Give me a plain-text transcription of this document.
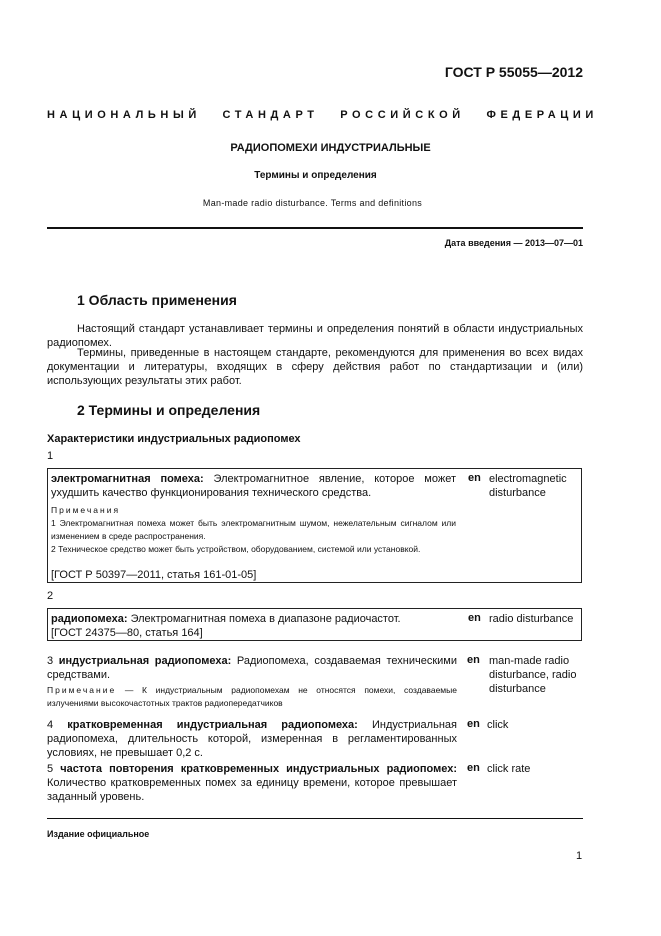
ГОСТ Р 55055—2012
НАЦИОНАЛЬНЫЙ СТАНДАРТ РОССИЙСКОЙ ФЕДЕРАЦИИ
РАДИОПОМЕХИ ИНДУСТРИАЛЬНЫЕ
Термины и определения
Man-made radio disturbance. Terms and definitions
Дата введения — 2013—07—01
1 Область применения
Настоящий стандарт устанавливает термины и определения понятий в области индустриальных радиопомех.
Термины, приведенные в настоящем стандарте, рекомендуются для применения во всех видах документации и литературы, входящих в сферу действия работ по стандартизации и (или) использующих результаты этих работ.
2 Термины и определения
Характеристики индустриальных радиопомех
1
электромагнитная помеха: Электромагнитное явление, которое может ухудшить качество функционирования технического средства.
en electromagnetic disturbance
Примечания
1 Электромагнитная помеха может быть электромагнитным шумом, нежелательным сигналом или изменением в среде распространения.
2 Техническое средство может быть устройством, оборудованием, системой или установкой.
[ГОСТ Р 50397—2011, статья 161-01-05]
2
радиопомеха: Электромагнитная помеха в диапазоне радиочастот.
[ГОСТ 24375—80, статья 164]
en radio disturbance
3 индустриальная радиопомеха: Радиопомеха, создаваемая техническими средствами.
Примечание — К индустриальным радиопомехам не относятся помехи, создаваемые излучениями высокочастотных трактов радиопередатчиков
en man-made radio disturbance, radio disturbance
4 кратковременная индустриальная радиопомеха: Индустриальная радиопомеха, длительность которой, измеренная в регламентированных условиях, не превышает 0,2 с.
en click
5 частота повторения кратковременных индустриальных радиопомех: Количество кратковременных помех за единицу времени, которое превышает заданный уровень.
en click rate
Издание официальное
1
